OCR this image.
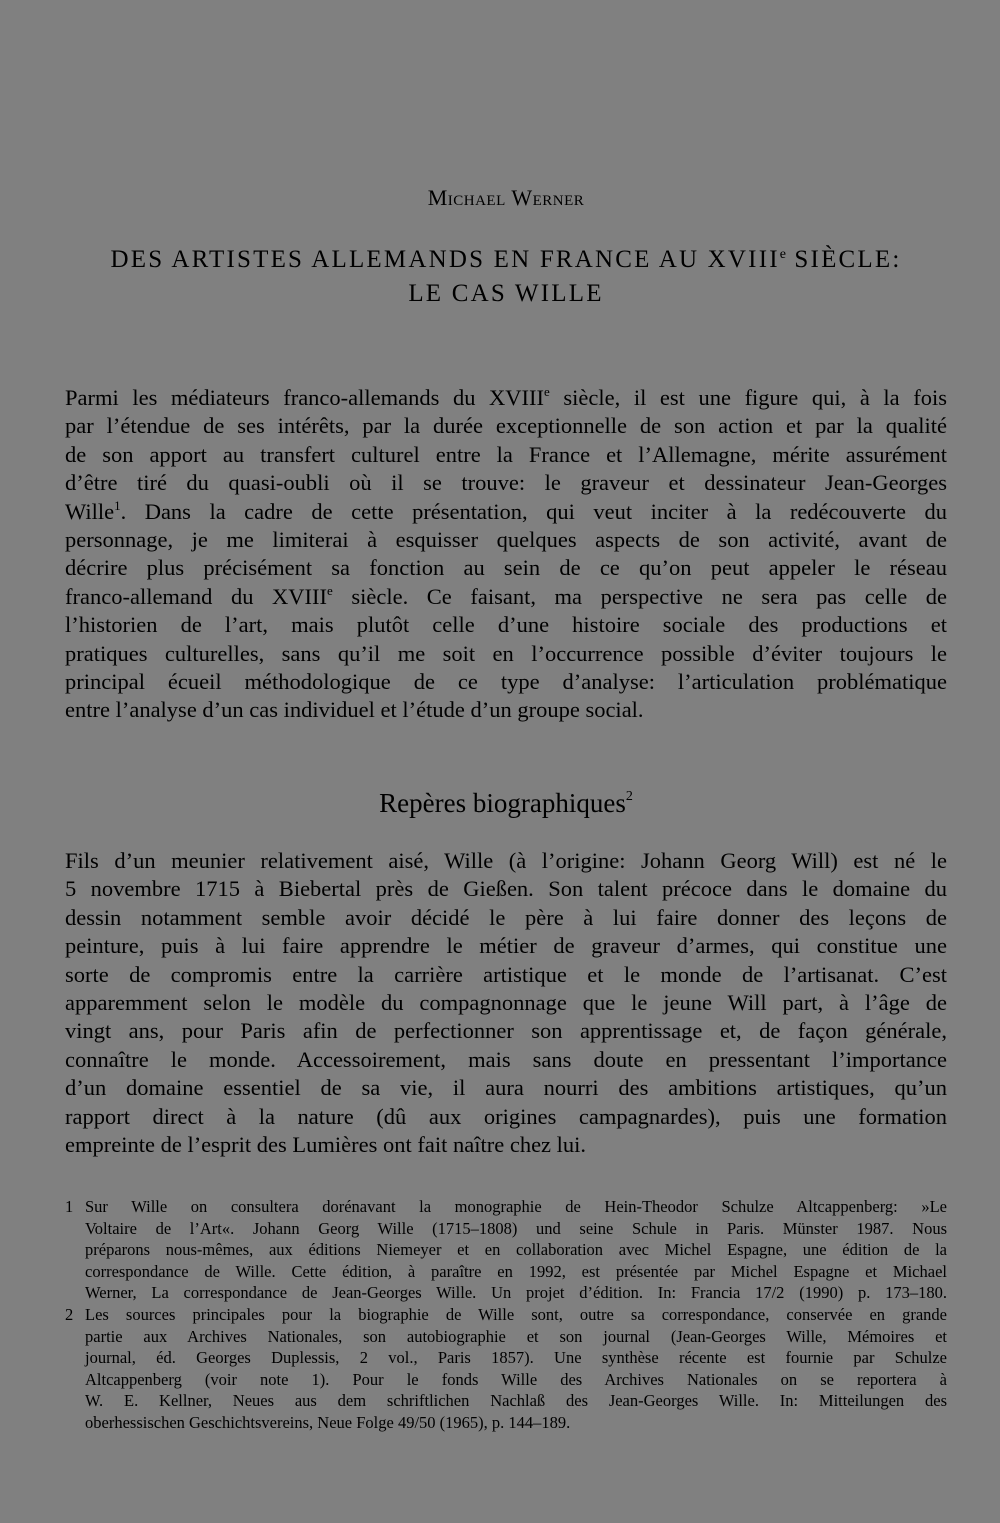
Michael Werner
DES ARTISTES ALLEMANDS EN FRANCE AU XVIIIe SIÈCLE:
LE CAS WILLE
Parmi les médiateurs franco-allemands du XVIIIe siècle, il est une figure qui, à la fois
par l’étendue de ses intérêts, par la durée exceptionnelle de son action et par la qualité
de son apport au transfert culturel entre la France et l’Allemagne, mérite assurément
d’être tiré du quasi-oubli où il se trouve: le graveur et dessinateur Jean-Georges
Wille$^1$. Dans la cadre de cette présentation, qui veut inciter à la redécouverte du
personnage, je me limiterai à esquisser quelques aspects de son activité, avant de
décrire plus précisément sa fonction au sein de ce qu’on peut appeler le réseau
franco-allemand du XVIIIe siècle. Ce faisant, ma perspective ne sera pas celle de
l’historien de l’art, mais plutôt celle d’une histoire sociale des productions et
pratiques culturelles, sans qu’il me soit en l’occurrence possible d’éviter toujours le
principal écueil méthodologique de ce type d’analyse: l’articulation problématique
entre l’analyse d’un cas individuel et l’étude d’un groupe social.
Repères biographiques$^2$
Fils d’un meunier relativement aisé, Wille (à l’origine: Johann Georg Will) est né le
5 novembre 1715 à Biebertal près de Gießen. Son talent précoce dans le domaine du
dessin notamment semble avoir décidé le père à lui faire donner des leçons de
peinture, puis à lui faire apprendre le métier de graveur d’armes, qui constitue une
sorte de compromis entre la carrière artistique et le monde de l’artisanat. C’est
apparemment selon le modèle du compagnonnage que le jeune Will part, à l’âge de
vingt ans, pour Paris afin de perfectionner son apprentissage et, de façon générale,
connaître le monde. Accessoirement, mais sans doute en pressentant l’importance
d’un domaine essentiel de sa vie, il aura nourri des ambitions artistiques, qu’un
rapport direct à la nature (dû aux origines campagnardes), puis une formation
empreinte de l’esprit des Lumières ont fait naître chez lui.
1 Sur Wille on consultera dorénavant la monographie de Hein-Theodor Schulze Altcappenberg: »Le
Voltaire de l’Art«. Johann Georg Wille (1715–1808) und seine Schule in Paris. Münster 1987. Nous
préparons nous-mêmes, aux éditions Niemeyer et en collaboration avec Michel Espagne, une édition de la
correspondance de Wille. Cette édition, à paraître en 1992, est présentée par Michel Espagne et Michael
Werner, La correspondance de Jean-Georges Wille. Un projet d’édition. In: Francia 17/2 (1990) p. 173–180.
2 Les sources principales pour la biographie de Wille sont, outre sa correspondance, conservée en grande
partie aux Archives Nationales, son autobiographie et son journal (Jean-Georges Wille, Mémoires et
journal, éd. Georges Duplessis, 2 vol., Paris 1857). Une synthèse récente est fournie par Schulze
Altcappenberg (voir note 1). Pour le fonds Wille des Archives Nationales on se reportera à
W. E. Kellner, Neues aus dem schriftlichen Nachlaß des Jean-Georges Wille. In: Mitteilungen des
oberhessischen Geschichtsvereins, Neue Folge 49/50 (1965), p. 144–189.
